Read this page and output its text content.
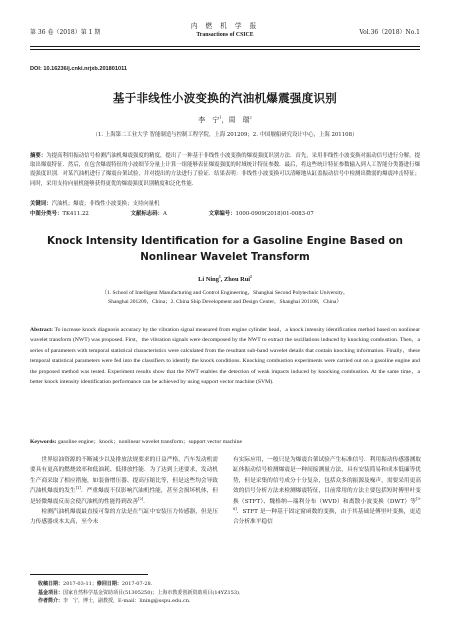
第 36 卷（2018）第 1 期
内 燃 机 学 报
Transactions of CSICE	Vol.36（2018）No.1
DOI: 10.16236/j.cnki.nrjxb.201801011
基于非线性小波变换的汽油机爆震强度识别
李　宁$^1$，周　瑞$^2$
（1. 上海第二工业大学 智能制造与控制工程学院，上海 201209；2. 中国舰船研究设计中心，上海 201108）
摘要：为提高利用振动信号检测汽油机爆震强度的精度，提出了一种基于非线性小波变换的爆震强度识别方法．首先，采用非线性小波变换对振动信号进行分解，提取出爆震特征．然后，在包含爆震特征的小波细节分量上计算一组能够表征爆震强度的时域统计特征参数．最后，将这些统计特征参数输入到人工智能分类器进行爆震强度识别．对某汽油机进行了爆震台架试验，并对提出的方法进行了验证．结果表明：非线性小波变换可以清晰地从缸盖振动信号中检测出微弱的爆震冲击特征；同时，采用支持向量机能够获得更优的爆震强度识别精度和泛化性能．
关键词：汽油机；爆震；非线性小波变换；支持向量机
中图分类号：TK411.22	文献标志码：A	文章编号：1000-0909(2018)01-0083-07
Knock Intensity Identification for a Gasoline Engine Based on
Nonlinear Wavelet Transform
Li Ning$^1$, Zhou Rui$^2$
（1. School of Intelligent Manufacturing and Control Engineering，Shanghai Second Polytechnic University，
Shanghai 201209，China；2. China Ship Development and Design Center，Shanghai 201108，China）
Abstract: To increase knock diagnosis accuracy by the vibration signal measured from engine cylinder head，a knock intensity identification method based on nonlinear wavelet transform (NWT) was proposed. First，the vibration signals were decomposed by the NWT to extract the oscillations induced by knocking combustion. Then，a series of parameters with temporal statistical characteristics were calculated from the resultant sub-band wavelet details that contain knocking information. Finally，these temporal statistical parameters were fed into the classifiers to identify the knock conditions. Knocking combustion experiments were carried out on a gasoline engine and the proposed method was tested. Experiment results show that the NWT enables the detection of weak impacts induced by knocking combustion. At the same time，a better knock intensity identification performance can be achieved by using support vector machine (SVM).
Keywords: gasoline engine；knock；nonlinear wavelet transform；support vector machine

世界原油资源的不断减少以及排放法规要求的日益严格，汽车发动机需要具有更高的燃烧效率和低油耗、低排放性能．为了达到上述要求，发动机生产商采取了相应措施，如装备增压器、提高压缩比等，但是这些均会导致汽油机爆震的发生[1]．严重爆震不仅影响汽油机性能，甚至会损坏机体，但是轻微爆震反而会使汽油机的性能得到改善[2]．

检测汽油机爆震最直接可靠的方法是在气缸中安装压力传感器，但是压力传感器成本太高，至今未

有实际应用，一般只是为爆震台架试验产生标准信号．利用振动传感器测取缸体振动信号检测爆震是一种间接测量方法，具有安装简易和成本低廉等优势，但是采集的信号成分十分复杂，包括众多的振源及噪声，需要采用更高效的信号分析方法来检测爆震特征，目前常用的方法主要包括短时傅里叶变换（STFT）、魏格纳—瑞利分布（WVD）和离散小波变换（DWT）等[3-6]．STFT 是一种基于固定窗函数的变换，由于其基础是傅里叶变换，更适合分析准平稳信

收稿日期：2017-03-11；修回日期：2017-07-28.
基金项目：国家自然科学基金资助项目(51305250)；上海市教委创新资助项目(14YZ153)．
作者简介：李　宁，博士，副教授，E-mail：lining@sspu.edu.cn.
